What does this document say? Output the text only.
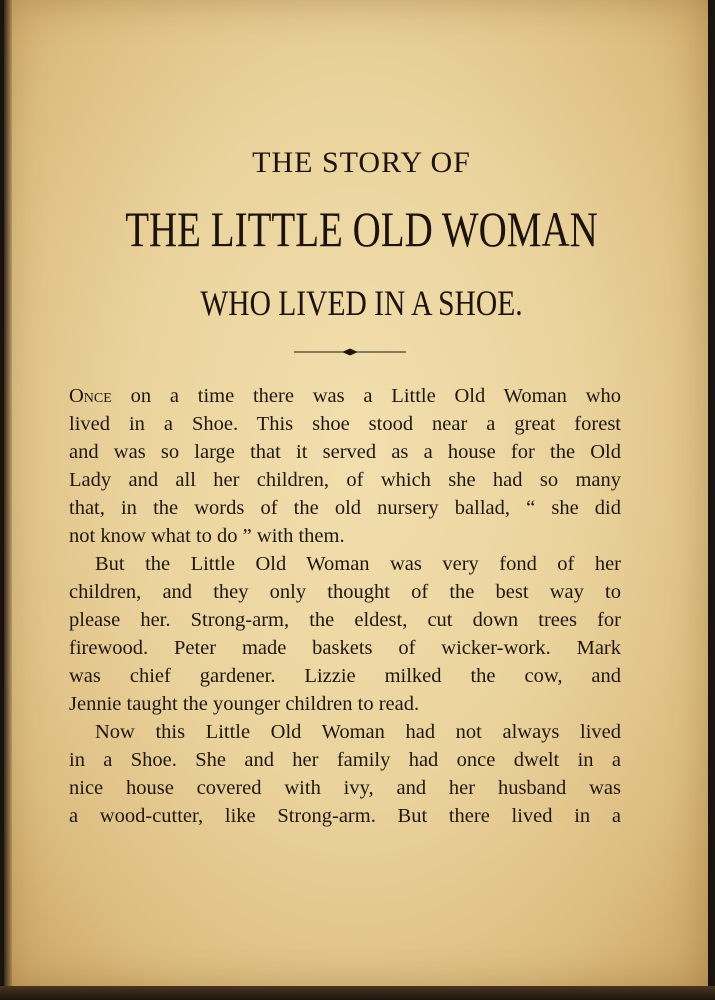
THE STORY OF
THE LITTLE OLD WOMAN
WHO LIVED IN A SHOE.
Once on a time there was a Little Old Woman who
lived in a Shoe. This shoe stood near a great forest
and was so large that it served as a house for the Old
Lady and all her children, of which she had so many
that, in the words of the old nursery ballad, “ she did
not know what to do ” with them.
But the Little Old Woman was very fond of her
children, and they only thought of the best way to
please her. Strong-arm, the eldest, cut down trees for
firewood. Peter made baskets of wicker-work. Mark
was chief gardener. Lizzie milked the cow, and
Jennie taught the younger children to read.
Now this Little Old Woman had not always lived
in a Shoe. She and her family had once dwelt in a
nice house covered with ivy, and her husband was
a wood-cutter, like Strong-arm. But there lived in a
